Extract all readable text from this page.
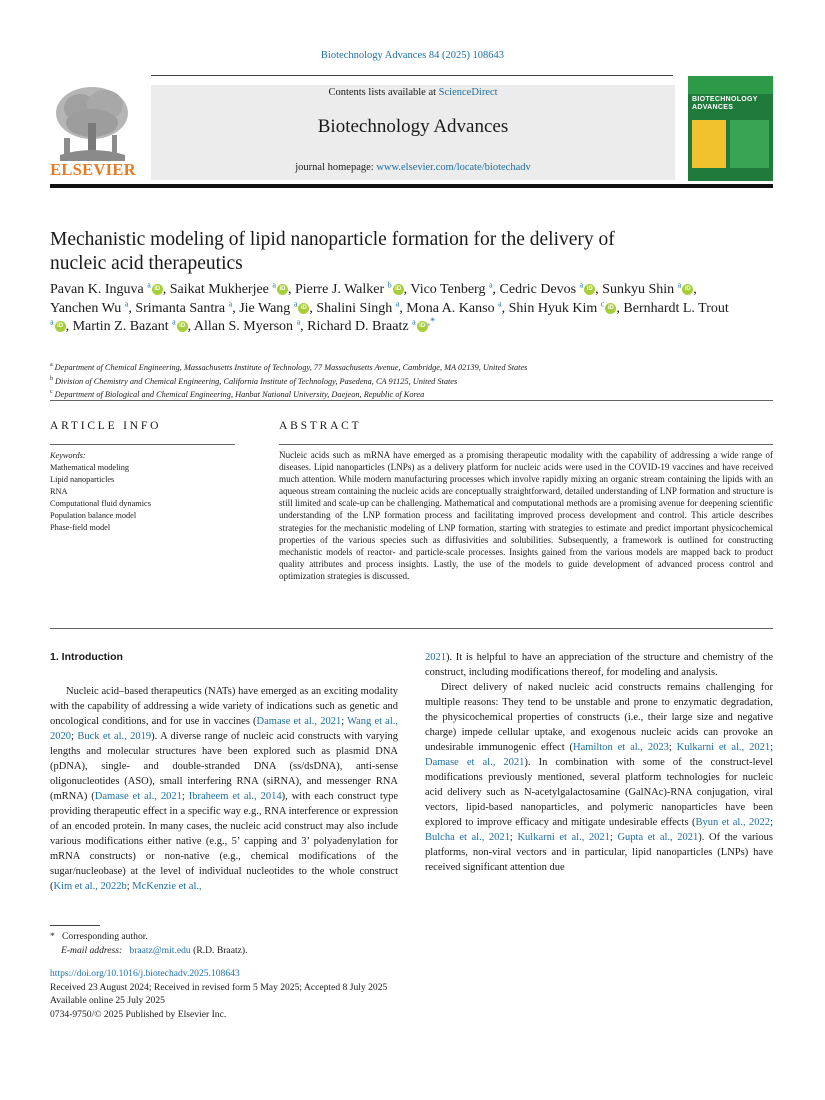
Biotechnology Advances 84 (2025) 108643
ELSEVIER
Contents lists available at ScienceDirect
Biotechnology Advances
journal homepage: www.elsevier.com/locate/biotechadv
BIOTECHNOLOGY
ADVANCES
Mechanistic modeling of lipid nanoparticle formation for the delivery of nucleic acid therapeutics
Pavan K. Inguva $^a$ iD , Saikat Mukherjee $^a$ iD , Pierre J. Walker $^b$ iD , Vico Tenberg $^a$, Cedric Devos $^a$ iD , Sunkyu Shin $^a$ iD , Yanchen Wu $^a$, Srimanta Santra $^a$, Jie Wang $^a$ iD , Shalini Singh $^a$, Mona A. Kanso $^a$, Shin Hyuk Kim $^c$ iD , Bernhardt L. Trout $^a$ iD , Martin Z. Bazant $^a$ iD , Allan S. Myerson $^a$, Richard D. Braatz $^a$ iD ,*
$^a$ Department of Chemical Engineering, Massachusetts Institute of Technology, 77 Massachusetts Avenue, Cambridge, MA 02139, United States
$^b$ Division of Chemistry and Chemical Engineering, California Institute of Technology, Pasedena, CA 91125, United States
$^c$ Department of Biological and Chemical Engineering, Hanbat National University, Daejeon, Republic of Korea
ARTICLE INFO
Keywords:
Mathematical modeling
Lipid nanoparticles
RNA
Computational fluid dynamics
Population balance model
Phase-field model
ABSTRACT
Nucleic acids such as mRNA have emerged as a promising therapeutic modality with the capability of addressing a wide range of diseases. Lipid nanoparticles (LNPs) as a delivery platform for nucleic acids were used in the COVID-19 vaccines and have received much attention. While modern manufacturing processes which involve rapidly mixing an organic stream containing the lipids with an aqueous stream containing the nucleic acids are conceptually straightforward, detailed understanding of LNP formation and structure is still limited and scale-up can be challenging. Mathematical and computational methods are a promising avenue for deepening scientific understanding of the LNP formation process and facilitating improved process development and control. This article describes strategies for the mechanistic modeling of LNP formation, starting with strategies to estimate and predict important physicochemical properties of the various species such as diffusivities and solubilities. Subsequently, a framework is outlined for constructing mechanistic models of reactor- and particle-scale processes. Insights gained from the various models are mapped back to product quality attributes and process insights. Lastly, the use of the models to guide development of advanced process control and optimization strategies is discussed.
1. Introduction

Nucleic acid–based therapeutics (NATs) have emerged as an exciting modality with the capability of addressing a wide variety of indications such as genetic and oncological conditions, and for use in vaccines (Damase et al., 2021; Wang et al., 2020; Buck et al., 2019). A diverse range of nucleic acid constructs with varying lengths and molecular structures have been explored such as plasmid DNA (pDNA), single- and double-stranded DNA (ss/dsDNA), anti-sense oligonucleotides (ASO), small interfering RNA (siRNA), and messenger RNA (mRNA) (Damase et al., 2021; Ibraheem et al., 2014), with each construct type providing therapeutic effect in a specific way e.g., RNA interference or expression of an encoded protein. In many cases, the nucleic acid construct may also include various modifications either native (e.g., 5’ capping and 3’ polyadenylation for mRNA constructs) or non-native (e.g., chemical modifications of the sugar/nucleobase) at the level of individual nucleotides to the whole construct (Kim et al., 2022b; McKenzie et al.,

2021). It is helpful to have an appreciation of the structure and chemistry of the construct, including modifications thereof, for modeling and analysis.

Direct delivery of naked nucleic acid constructs remains challenging for multiple reasons: They tend to be unstable and prone to enzymatic degradation, the physicochemical properties of constructs (i.e., their large size and negative charge) impede cellular uptake, and exogenous nucleic acids can provoke an undesirable immunogenic effect (Hamilton et al., 2023; Kulkarni et al., 2021; Damase et al., 2021). In combination with some of the construct-level modifications previously mentioned, several platform technologies for nucleic acid delivery such as N-acetylgalactosamine (GalNAc)-RNA conjugation, viral vectors, lipid-based nanoparticles, and polymeric nanoparticles have been explored to improve efficacy and mitigate undesirable effects (Byun et al., 2022; Bulcha et al., 2021; Kulkarni et al., 2021; Gupta et al., 2021). Of the various platforms, non-viral vectors and in particular, lipid nanoparticles (LNPs) have received significant attention due

* Corresponding author.
E-mail address: braatz@mit.edu (R.D. Braatz).
https://doi.org/10.1016/j.biotechadv.2025.108643
Received 23 August 2024; Received in revised form 5 May 2025; Accepted 8 July 2025
Available online 25 July 2025
0734-9750/© 2025 Published by Elsevier Inc.
